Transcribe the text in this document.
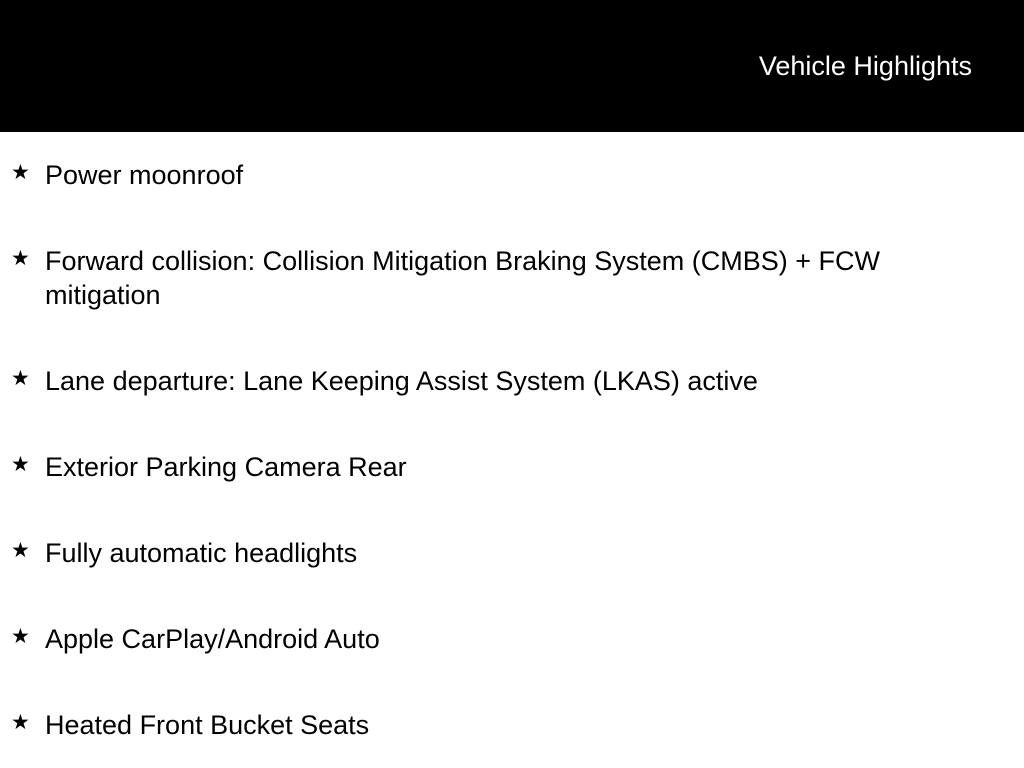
Vehicle Highlights
★ Power moonroof
★ Forward collision: Collision Mitigation Braking System (CMBS) + FCW mitigation
★ Lane departure: Lane Keeping Assist System (LKAS) active
★ Exterior Parking Camera Rear
★ Fully automatic headlights
★ Apple CarPlay/Android Auto
★ Heated Front Bucket Seats
